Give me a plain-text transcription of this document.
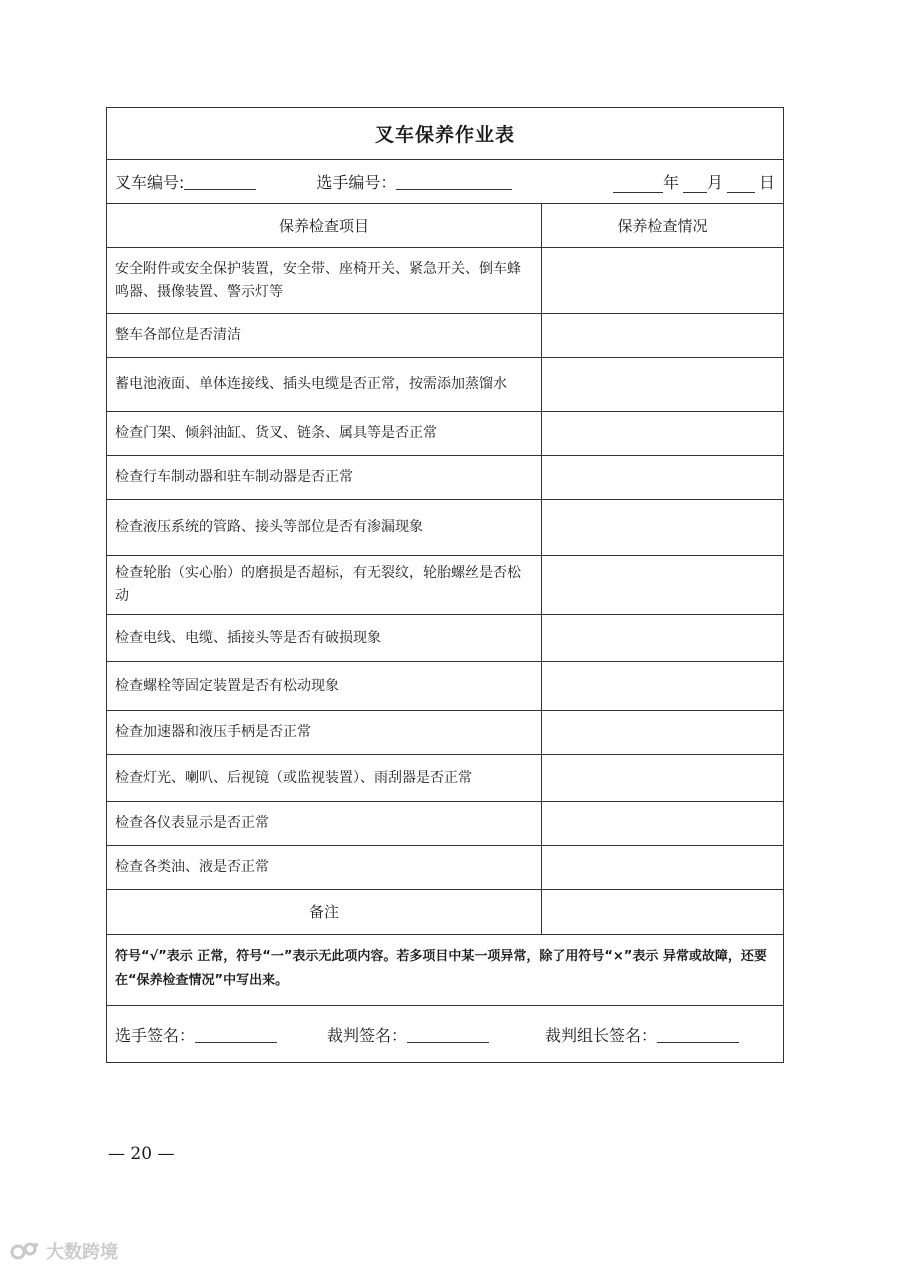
叉车保养作业表
叉车编号:	选手编号：	年 月 日
保养检查项目	保养检查情况
安全附件或安全保护装置，安全带、座椅开关、紧急开关、倒车蜂鸣器、摄像装置、警示灯等
整车各部位是否清洁
蓄电池液面、单体连接线、插头电缆是否正常，按需添加蒸馏水
检查门架、倾斜油缸、货叉、链条、属具等是否正常
检查行车制动器和驻车制动器是否正常
检查液压系统的管路、接头等部位是否有渗漏现象
检查轮胎（实心胎）的磨损是否超标，有无裂纹，轮胎螺丝是否松动
检查电线、电缆、插接头等是否有破损现象
检查螺栓等固定装置是否有松动现象
检查加速器和液压手柄是否正常
检查灯光、喇叭、后视镜（或监视装置）、雨刮器是否正常
检查各仪表显示是否正常
检查各类油、液是否正常
备注
符号“√”表示 正常，符号“一”表示无此项内容。若多项目中某一项异常，除了用符号“×”表示 异常或故障，还要在“保养检查情况”中写出来。
选手签名：	裁判签名：	裁判组长签名：
— 20 —
大数跨境
